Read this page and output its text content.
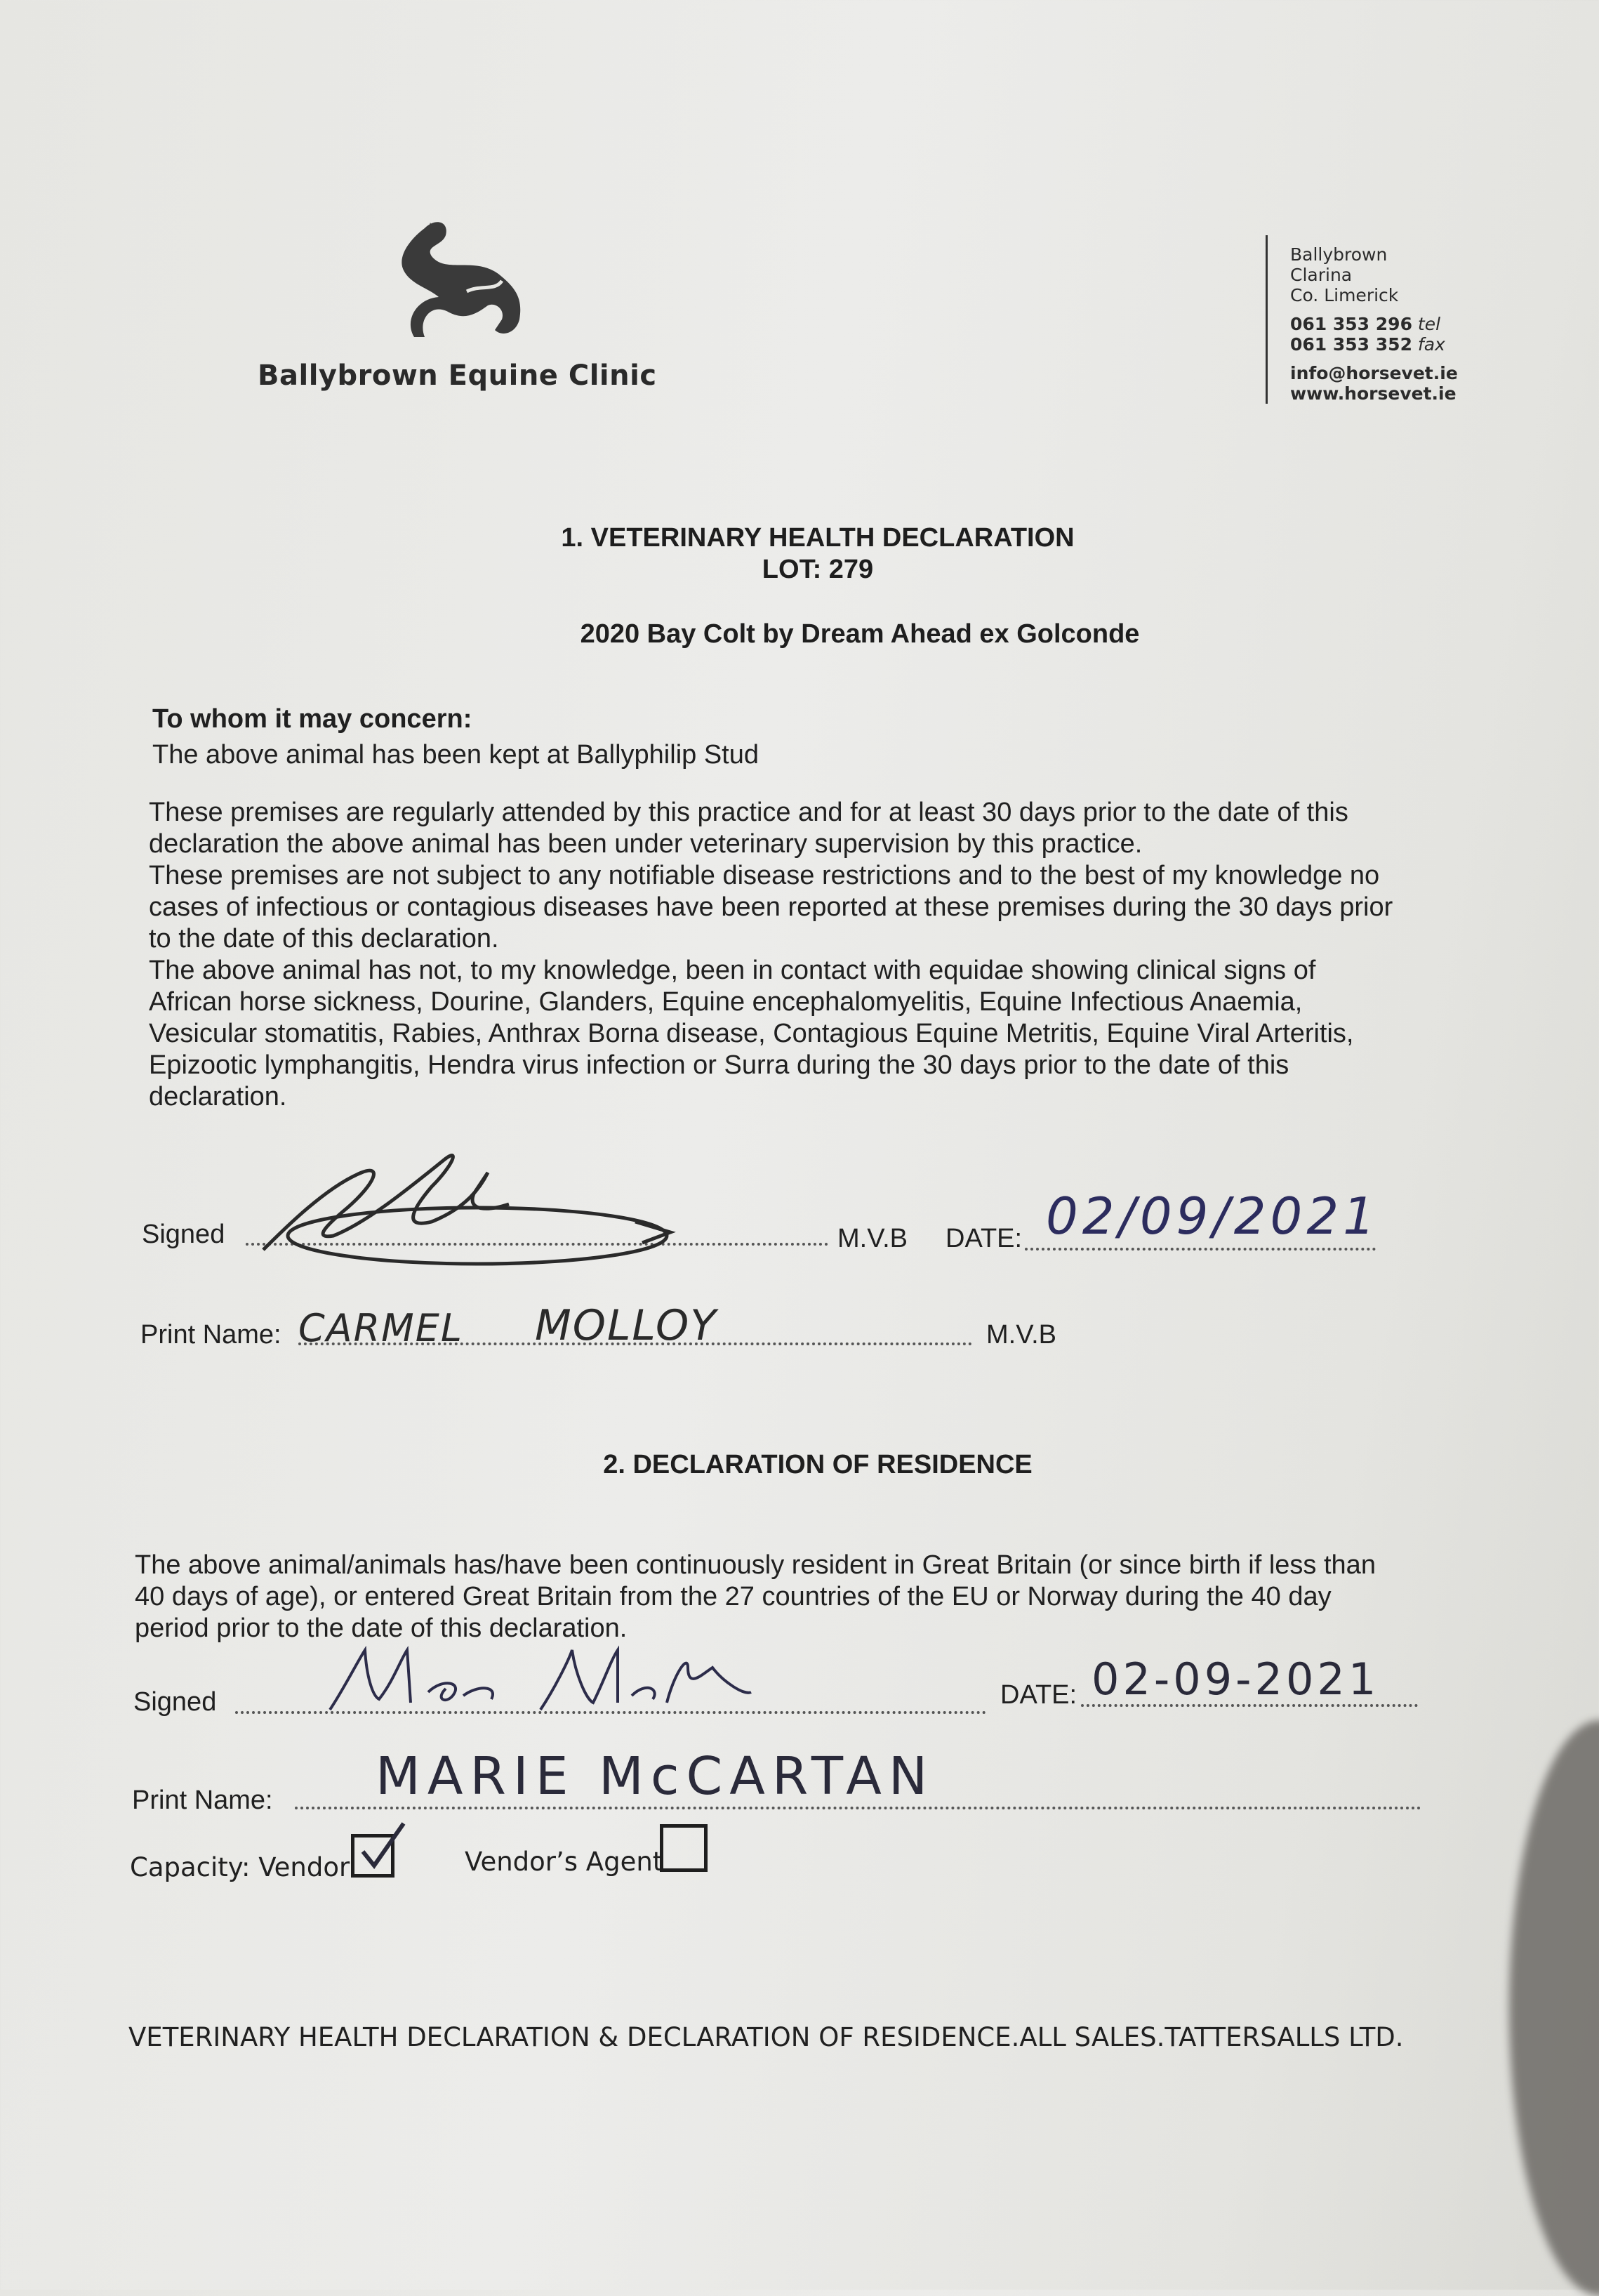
Ballybrown Equine Clinic
Ballybrown
Clarina
Co. Limerick
061 353 296 tel
061 353 352 fax
info@horsevet.ie
www.horsevet.ie
1. VETERINARY HEALTH DECLARATION
LOT: 279
2020 Bay Colt by Dream Ahead ex Golconde
To whom it may concern:
The above animal has been kept at Ballyphilip Stud
These premises are regularly attended by this practice and for at least 30 days prior to the date of this
declaration the above animal has been under veterinary supervision by this practice.
These premises are not subject to any notifiable disease restrictions and to the best of my knowledge no
cases of infectious or contagious diseases have been reported at these premises during the 30 days prior
to the date of this declaration.
The above animal has not, to my knowledge, been in contact with equidae showing clinical signs of
African horse sickness, Dourine, Glanders, Equine encephalomyelitis, Equine Infectious Anaemia,
Vesicular stomatitis, Rabies, Anthrax Borna disease, Contagious Equine Metritis, Equine Viral Arteritis,
Epizootic lymphangitis, Hendra virus infection or Surra during the 30 days prior to the date of this
declaration.
Signed	M.V.B DATE: 02/09/2021
Print Name: CARMEL MOLLOY	M.V.B
2. DECLARATION OF RESIDENCE
The above animal/animals has/have been continuously resident in Great Britain (or since birth if less than
40 days of age), or entered Great Britain from the 27 countries of the EU or Norway during the 40 day
period prior to the date of this declaration.
Signed	DATE: 02-09-2021
Print Name: MARIE McCARTAN
Capacity: Vendor	Vendor’s Agent
VETERINARY HEALTH DECLARATION & DECLARATION OF RESIDENCE.ALL SALES.TATTERSALLS LTD.
